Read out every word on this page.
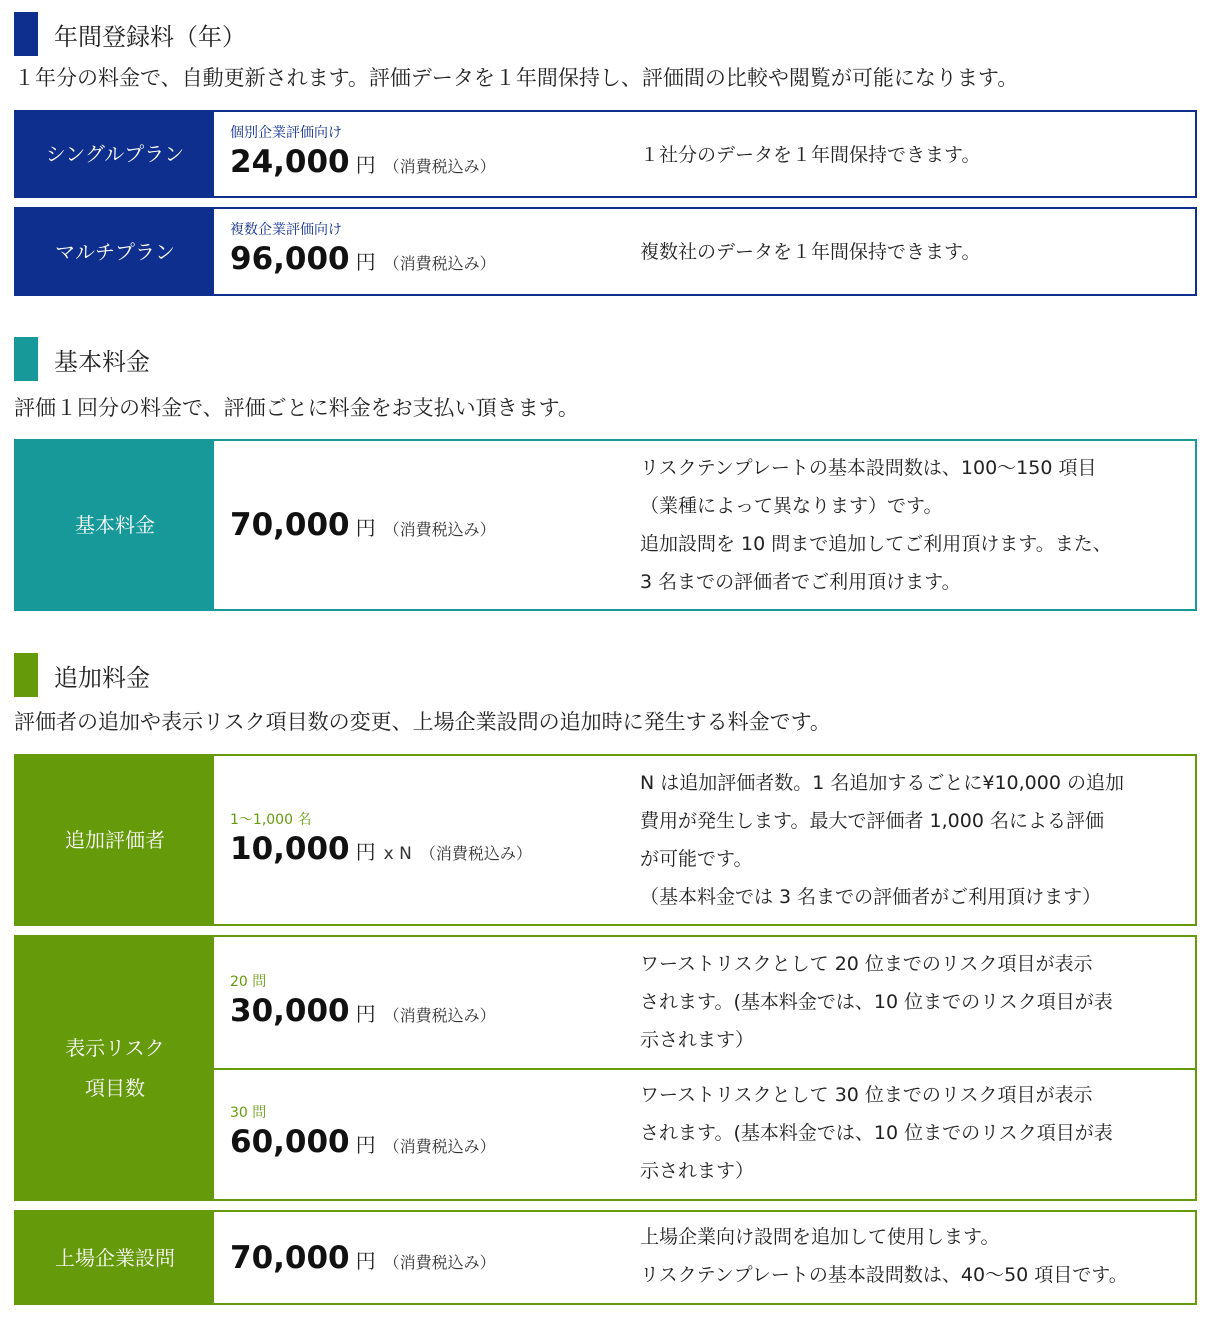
年間登録料（年）
１年分の料金で、自動更新されます。評価データを１年間保持し、評価間の比較や閲覧が可能になります。
シングルプラン
個別企業評価向け
24,000 円 （消費税込み）
１社分のデータを１年間保持できます。
マルチプラン
複数企業評価向け
96,000 円 （消費税込み）
複数社のデータを１年間保持できます。
基本料金
評価１回分の料金で、評価ごとに料金をお支払い頂きます。
基本料金	70,000 円 （消費税込み）
リスクテンプレートの基本設問数は、100～150 項目
（業種によって異なります）です。
追加設問を 10 問まで追加してご利用頂けます。また、
3 名までの評価者でご利用頂けます。
追加料金
評価者の追加や表示リスク項目数の変更、上場企業設問の追加時に発生する料金です。
追加評価者
1～1,000 名
10,000 円 x N （消費税込み）
N は追加評価者数。1 名追加するごとに¥10,000 の追加
費用が発生します。最大で評価者 1,000 名による評価
が可能です。
（基本料金では 3 名までの評価者がご利用頂けます）
表示リスク
項目数
20 問
30,000 円 （消費税込み）
ワーストリスクとして 20 位までのリスク項目が表示
されます。(基本料金では、10 位までのリスク項目が表
示されます）
30 問
60,000 円 （消費税込み）
ワーストリスクとして 30 位までのリスク項目が表示
されます。(基本料金では、10 位までのリスク項目が表
示されます）
上場企業設問	70,000 円 （消費税込み）
上場企業向け設問を追加して使用します。
リスクテンプレートの基本設問数は、40～50 項目です。
